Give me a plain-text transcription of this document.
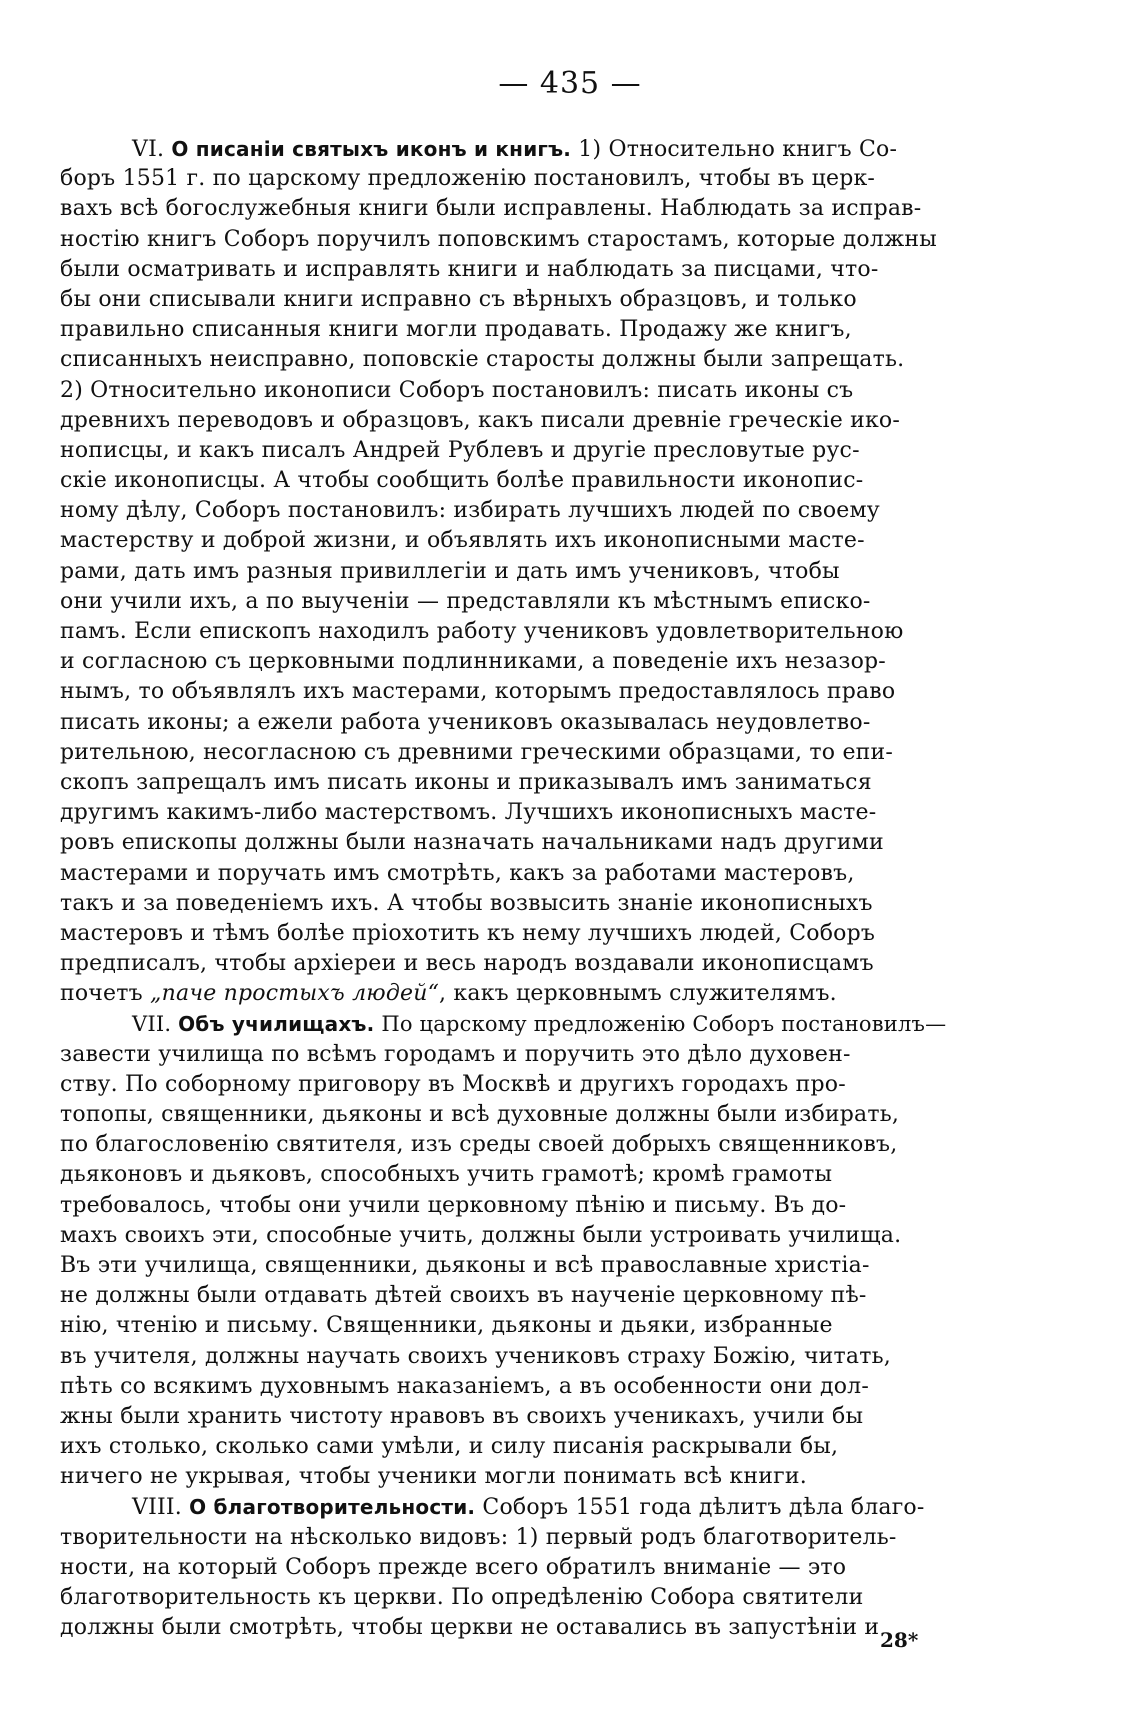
— 435 —
VI. О писаніи святыхъ иконъ и книгъ. 1) Относительно книгъ Со-
боръ 1551 г. по царскому предложенію постановилъ, чтобы въ церк-
вахъ всѣ богослужебныя книги были исправлены. Наблюдать за исправ-
ностію книгъ Соборъ поручилъ поповскимъ старостамъ, которые должны
были осматривать и исправлять книги и наблюдать за писцами, что-
бы они списывали книги исправно съ вѣрныхъ образцовъ, и только
правильно списанныя книги могли продавать. Продажу же книгъ,
списанныхъ неисправно, поповскіе старосты должны были запрещать.
2) Относительно иконописи Соборъ постановилъ: писать иконы съ
древнихъ переводовъ и образцовъ, какъ писали древніе греческіе ико-
нописцы, и какъ писалъ Андрей Рублевъ и другіе пресловутые рус-
скіе иконописцы. А чтобы сообщить болѣе правильности иконопис-
ному дѣлу, Соборъ постановилъ: избирать лучшихъ людей по своему
мастерству и доброй жизни, и объявлять ихъ иконописными масте-
рами, дать имъ разныя привиллегіи и дать имъ учениковъ, чтобы
они учили ихъ, а по выученіи — представляли къ мѣстнымъ еписко-
памъ. Если епископъ находилъ работу учениковъ удовлетворительною
и согласною съ церковными подлинниками, а поведеніе ихъ незазор-
нымъ, то объявлялъ ихъ мастерами, которымъ предоставлялось право
писать иконы; а ежели работа учениковъ оказывалась неудовлетво-
рительною, несогласною съ древними греческими образцами, то епи-
скопъ запрещалъ имъ писать иконы и приказывалъ имъ заниматься
другимъ какимъ-либо мастерствомъ. Лучшихъ иконописныхъ масте-
ровъ епископы должны были назначать начальниками надъ другими
мастерами и поручать имъ смотрѣть, какъ за работами мастеровъ,
такъ и за поведеніемъ ихъ. А чтобы возвысить знаніе иконописныхъ
мастеровъ и тѣмъ болѣе пріохотить къ нему лучшихъ людей, Соборъ
предписалъ, чтобы архіереи и весь народъ воздавали иконописцамъ
почетъ „паче простыхъ людей“, какъ церковнымъ служителямъ.
VII. Объ училищахъ. По царскому предложенію Соборъ постановилъ—
завести училища по всѣмъ городамъ и поручить это дѣло духовен-
ству. По соборному приговору въ Москвѣ и другихъ городахъ про-
топопы, священники, дьяконы и всѣ духовные должны были избирать,
по благословенію святителя, изъ среды своей добрыхъ священниковъ,
дьяконовъ и дьяковъ, способныхъ учить грамотѣ; кромѣ грамоты
требовалось, чтобы они учили церковному пѣнію и письму. Въ до-
махъ своихъ эти, способные учить, должны были устроивать училища.
Въ эти училища, священники, дьяконы и всѣ православные христіа-
не должны были отдавать дѣтей своихъ въ наученіе церковному пѣ-
нію, чтенію и письму. Священники, дьяконы и дьяки, избранные
въ учителя, должны научать своихъ учениковъ страху Божію, читать,
пѣть со всякимъ духовнымъ наказаніемъ, а въ особенности они дол-
жны были хранить чистоту нравовъ въ своихъ ученикахъ, учили бы
ихъ столько, сколько сами умѣли, и силу писанія раскрывали бы,
ничего не укрывая, чтобы ученики могли понимать всѣ книги.
VIII. О благотворительности. Соборъ 1551 года дѣлитъ дѣла благо-
творительности на нѣсколько видовъ: 1) первый родъ благотворитель-
ности, на который Соборъ прежде всего обратилъ вниманіе — это
благотворительность къ церкви. По опредѣленію Собора святители
должны были смотрѣть, чтобы церкви не оставались въ запустѣніи и 28*
